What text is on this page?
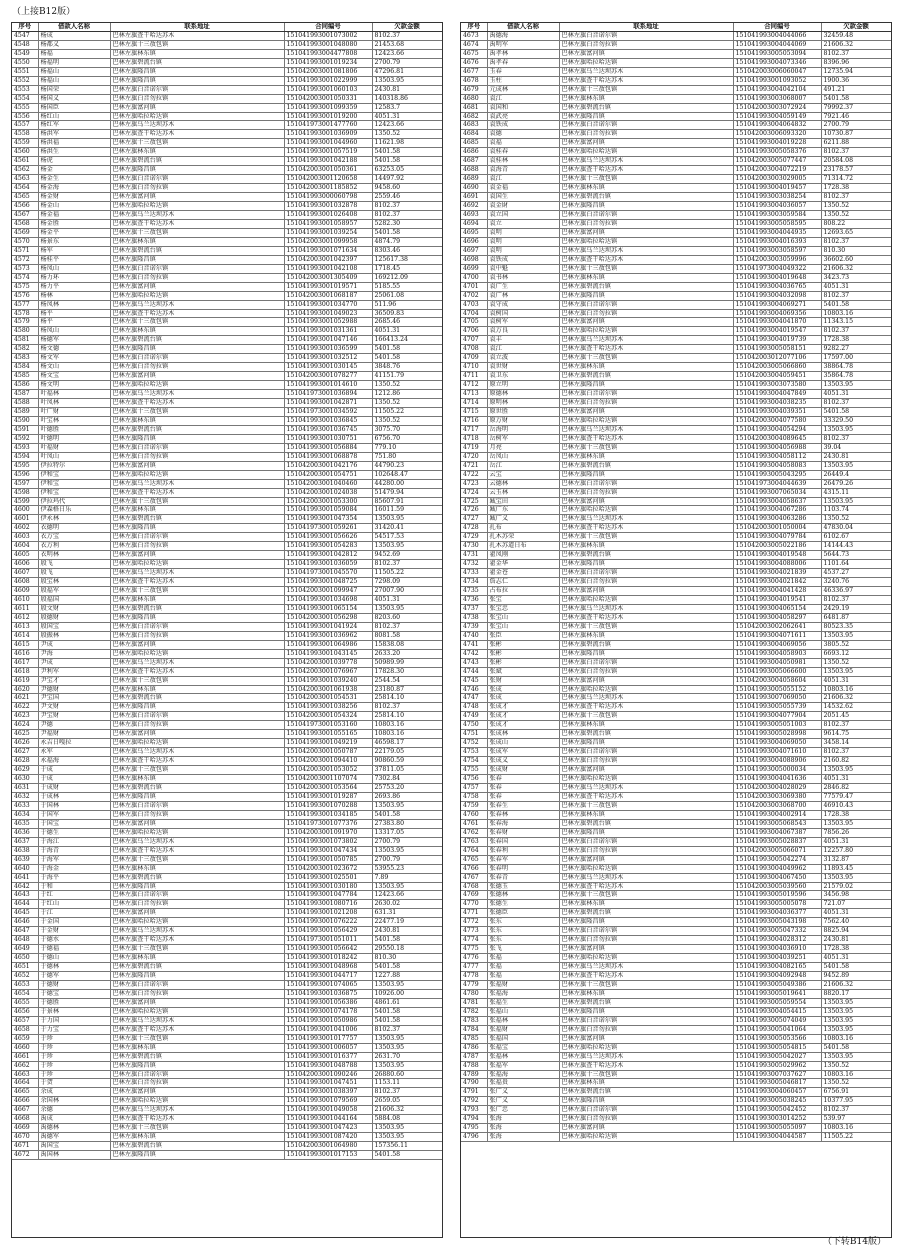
（上接B12版）
序号	借款人名称	联系地址	合同编号	欠款金额
4547	杨成	巴林左旗查干哈达苏木	151041993001073002	8102.37
4548	杨都义	巴林左旗十三敖包镇	151041993001048080	21453.68
4549	杨福	巴林左旗林东镇	151041993004477808	12423.66
4550	杨福明	巴林左旗碧流台镇	151041993001019234	2700.79
4551	杨福山	巴林左旗隆昌镇	151042003001081806	47296.81
4552	杨福山	巴林左旗隆昌镇	151041993001022999	13503.95
4553	杨国荣	巴林左旗白音诺尔镇	151041993001060103	2430.81
4554	杨国义	巴林左旗白音勿拉镇	151042003001050331	140318.86
4555	杨国臣	巴林左旗富河镇	151041993001099359	12583.7
4556	杨红山	巴林左旗哈拉哈达镇	151041993001019200	4051.31
4557	杨红军	巴林左旗乌兰达坝苏木	151041973001477760	12423.66
4558	杨洪军	巴林左旗查干哈达苏木	151041993001036909	1350.52
4559	杨洪福	巴林左旗十三敖包镇	151041993001044960	11621.98
4560	杨洪生	巴林左旗林东镇	151041993001057519	5401.58
4561	杨虎	巴林左旗碧流台镇	151041993001042188	5401.58
4562	杨金	巴林左旗隆昌镇	151042003001050361	63253.05
4563	杨金生	巴林左旗白音诺尔镇	151042003001120658	14497.92
4564	杨金海	巴林左旗白音勿拉镇	151042003001185852	9458.60
4565	杨金财	巴林左旗富河镇	151041993000060798	2559.46
4566	杨金山	巴林左旗哈拉哈达镇	151041993001032878	8102.37
4567	杨金福	巴林左旗乌兰达坝苏木	151041993001026408	8102.37
4568	杨金胜	巴林左旗查干哈达苏木	151041993001058957	5282.30
4569	杨金平	巴林左旗十三敖包镇	151041993001039254	5401.58
4570	杨景东	巴林左旗林东镇	151042003001099958	4874.79
4571	杨军	巴林左旗碧流台镇	151041993001071634	8303.46
4572	杨桂平	巴林左旗隆昌镇	151042003001042397	125617.38
4573	杨凤山	巴林左旗白音诺尔镇	151041993001042108	1718.45
4574	杨力环	巴林左旗白音勿拉镇	151042003001305409	169212.09
4575	杨力平	巴林左旗富河镇	151041993001019571	5185.55
4576	杨林	巴林左旗哈拉哈达镇	151042003001068187	25061.08
4577	杨凤林	巴林左旗乌兰达坝苏木	151041993001034770	511.96
4578	杨平	巴林左旗查干哈达苏木	151041993001049023	36509.83
4579	杨平	巴林左旗十三敖包镇	151041993001052988	2685.46
4580	杨凤山	巴林左旗林东镇	151041993001031361	4051.31
4581	杨德军	巴林左旗碧流台镇	151041993001047146	166413.24
4582	杨文德	巴林左旗隆昌镇	151041993001036599	5401.58
4583	杨文军	巴林左旗白音诺尔镇	151041993001032512	5401.58
4584	杨文山	巴林左旗白音勿拉镇	151041993001030145	3848.76
4585	杨文宝	巴林左旗富河镇	151042003001078277	41151.79
4586	杨文明	巴林左旗哈拉哈达镇	151041993001014610	1350.52
4587	叶福林	巴林左旗乌兰达坝苏木	151041973001036894	1212.86
4588	叶凤林	巴林左旗查干哈达苏木	151041993001042871	1350.52
4589	叶广财	巴林左旗十三敖包镇	151041973001034592	11505.22
4590	叶宝林	巴林左旗林东镇	151041993001036845	1350.52
4591	叶德胜	巴林左旗碧流台镇	151041993001036745	3075.70
4592	叶德明	巴林左旗隆昌镇	151041993001030751	6756.70
4593	叶福财	巴林左旗白音诺尔镇	151041993001056884	779.10
4594	叶凤山	巴林左旗白音勿拉镇	151041993001068878	751.80
4595	伊拉特尔	巴林左旗富河镇	151042003001042176	44790.23
4596	伊和宝	巴林左旗哈拉哈达镇	151042003001054751	102648.47
4597	伊和宝	巴林左旗乌兰达坝苏木	151042003001040460	44280.00
4598	伊和宝	巴林左旗查干哈达苏木	151042003001024038	51479.94
4599	伊拉玛代	巴林左旗十三敖包镇	151042003001053300	85607.91
4600	伊森格日乐	巴林左旗林东镇	151041993001059084	16011.59
4601	伊永林	巴林左旗碧流台镇	151041993001047354	13503.95
4602	衣德明	巴林左旗隆昌镇	151041973001059261	31420.41
4603	衣万宝	巴林左旗白音诺尔镇	151041993001056626	54517.53
4604	衣万利	巴林左旗白音勿拉镇	151041993001054283	13503.95
4605	衣明林	巴林左旗富河镇	151041993001042812	9452.69
4606	殷飞	巴林左旗哈拉哈达镇	151041993001036059	8102.37
4607	殷飞	巴林左旗乌兰达坝苏木	151041973001045570	11505.22
4608	殷宝林	巴林左旗查干哈达苏木	151041993001048725	7298.09
4609	殷福军	巴林左旗十三敖包镇	151042003001099947	27007.90
4610	殷福国	巴林左旗林东镇	151041993001034698	4051.31
4611	殷文财	巴林左旗碧流台镇	151041993001065154	13503.95
4612	殷德财	巴林左旗隆昌镇	151042003001056298	8203.60
4613	殷国宝	巴林左旗白音诺尔镇	151041993001041924	8102.37
4614	殷振林	巴林左旗白音勿拉镇	151041993001036962	8081.58
4615	尹成	巴林左旗富河镇	151041993001064986	15838.08
4616	尹海	巴林左旗哈拉哈达镇	151041993001043145	2633.20
4617	尹成	巴林左旗乌兰达坝苏木	151042003001039778	50989.99
4618	尹利军	巴林左旗查干哈达苏木	151042003001076967	17828.30
4619	尹宝才	巴林左旗十三敖包镇	151041993001039240	2544.54
4620	尹德财	巴林左旗林东镇	151042003001061938	23180.87
4621	尹宝国	巴林左旗碧流台镇	151042003001054531	25814.10
4622	尹文财	巴林左旗隆昌镇	151041993001038256	8102.37
4623	尹宝财	巴林左旗白音诺尔镇	151042003001054324	25814.10
4624	尹德	巴林左旗白音勿拉镇	151041973001053160	10803.16
4625	尹福财	巴林左旗富河镇	151041993001055165	10803.16
4626	永吉日嘎拉	巴林左旗哈拉哈达镇	151041993001049219	46598.17
4627	永军	巴林左旗乌兰达坝苏木	151042003001050787	22179.05
4628	永福海	巴林左旗查干哈达苏木	151042003001094410	90860.59
4629	于成	巴林左旗十三敖包镇	151042003001053052	37811.05
4630	于成	巴林左旗林东镇	151042003001107074	7302.84
4631	于成财	巴林左旗碧流台镇	151042003001053564	25753.20
4632	于成林	巴林左旗隆昌镇	151041993001019287	2693.86
4633	于国林	巴林左旗白音诺尔镇	151041993001070288	13503.95
4634	于国军	巴林左旗白音勿拉镇	151041993001034185	5401.58
4635	于国宝	巴林左旗富河镇	151041973001077376	27383.80
4636	于德生	巴林左旗哈拉哈达镇	151042003001091970	13317.05
4637	于海江	巴林左旗乌兰达坝苏木	151041993001073802	2700.79
4638	于海青	巴林左旗查干哈达苏木	151041993001047434	13503.95
4639	于海军	巴林左旗十三敖包镇	151041993001050785	2700.79
4640	于海金	巴林左旗林东镇	151042003001023672	53955.23
4641	于海平	巴林左旗碧流台镇	151041993001025501	7.89
4642	于和	巴林左旗隆昌镇	151041993001030180	13503.95
4643	于红	巴林左旗白音诺尔镇	151041993001047784	12423.66
4644	于红山	巴林左旗白音勿拉镇	151041993001080716	2630.02
4645	于江	巴林左旗富河镇	151041993001021208	631.31
4646	于金国	巴林左旗哈拉哈达镇	151041993001076222	22477.19
4647	于金财	巴林左旗乌兰达坝苏木	151041993001056429	2430.81
4648	于德水	巴林左旗查干哈达苏木	151041973001051011	5401.58
4649	于德福	巴林左旗十三敖包镇	151041993001056642	29550.18
4650	于德山	巴林左旗林东镇	151041993001018242	810.30
4651	于德林	巴林左旗碧流台镇	151041993001048968	5401.58
4652	于德军	巴林左旗隆昌镇	151041993001044717	1227.88
4653	于德财	巴林左旗白音诺尔镇	151041993001074065	13503.95
4654	于德宝	巴林左旗白音勿拉镇	151041993001036875	10926.00
4655	于德胜	巴林左旗富河镇	151041993001056386	4861.61
4656	于景林	巴林左旗哈拉哈达镇	151041993001074178	5401.58
4657	于力国	巴林左旗乌兰达坝苏木	151041993001050986	5401.58
4658	于力宝	巴林左旗查干哈达苏木	151041993001041006	8102.37
4659	于珍	巴林左旗十三敖包镇	151041993001017757	13503.95
4660	于珍	巴林左旗林东镇	151041993001006057	13503.95
4661	于珍	巴林左旗碧流台镇	151041993001016377	2631.70
4662	于珍	巴林左旗隆昌镇	151041993001048788	13503.95
4663	于珍	巴林左旗白音诺尔镇	151042003001090246	26880.60
4664	于贺	巴林左旗白音勿拉镇	151041993001047451	1153.11
4665	余成	巴林左旗富河镇	151041993001038397	8102.37
4666	余国林	巴林左旗哈拉哈达镇	151041993001079569	2659.05
4667	余德	巴林左旗乌兰达坝苏木	151041993001049058	21606.32
4668	禹成	巴林左旗查干哈达苏木	151041993001044164	5884.08
4669	禹德林	巴林左旗十三敖包镇	151041993001047423	13503.95
4670	禹德军	巴林左旗林东镇	151041993001087420	13503.95
4671	禹国宝	巴林左旗碧流台镇	151042003001064980	157356.11
4672	禹国林	巴林左旗隆昌镇	151041993001017153	5401.58
序号	借款人名称	联系地址	合同编号	欠款金额
4673	禹德海	巴林左旗白音诺尔镇	151041993004044066	32459.48
4674	禹明军	巴林左旗白音勿拉镇	151041993004044069	21606.32
4675	禹孝林	巴林左旗富河镇	151041993005053094	8102.37
4676	禹孝春	巴林左旗哈拉哈达镇	151041993004073346	8396.96
4677	玉春	巴林左旗乌兰达坝苏木	151042003006060047	12735.94
4678	玉柱	巴林左旗查干哈达苏木	151041993001093052	1900.36
4679	元成林	巴林左旗十三敖包镇	151041993004042104	491.21
4680	袁江	巴林左旗林东镇	151041993003068007	5401.58
4681	袁国和	巴林左旗碧流台镇	151042003003072924	79992.37
4682	袁武亮	巴林左旗隆昌镇	151041993004059149	7921.46
4683	袁铁成	巴林左旗白音诺尔镇	151041993004064832	2700.79
4684	袁德	巴林左旗白音勿拉镇	151042003006093320	10730.87
4685	袁福	巴林左旗富河镇	151041993004019228	6211.88
4686	袁桂春	巴林左旗哈拉哈达镇	151041993005058376	8102.37
4687	袁桂林	巴林左旗乌兰达坝苏木	151042003005077447	20584.08
4688	袁海青	巴林左旗查干哈达苏木	151042003004072219	23178.57
4689	袁江	巴林左旗十三敖包镇	151042003003029005	71314.72
4690	袁金福	巴林左旗林东镇	151041993004019457	1728.38
4691	袁国生	巴林左旗碧流台镇	151041993003038254	8102.37
4692	袁金財	巴林左旗隆昌镇	151041993004036057	1350.52
4693	袁立国	巴林左旗白音诺尔镇	151041993003059584	1350.52
4694	袁立	巴林左旗白音勿拉镇	151041993005058595	808.22
4695	袁明	巴林左旗富河镇	151041993004044935	12693.65
4696	袁明	巴林左旗哈拉哈达镇	151041993004016393	8102.37
4697	袁明	巴林左旗乌兰达坝苏木	151041993003058597	810.30
4698	袁铁成	巴林左旗查干哈达苏木	151042003003059996	36602.60
4699	袁中魁	巴林左旗十三敖包镇	151041973004049322	21606.32
4700	袁书林	巴林左旗林东镇	151041993004019648	3423.73
4701	袁广生	巴林左旗碧流台镇	151041993004036765	4051.31
4702	袁广林	巴林左旗隆昌镇	151041993004032098	8102.37
4703	袁守成	巴林左旗白音诺尔镇	151041993004069271	5401.58
4704	袁树国	巴林左旗白音勿拉镇	151041993004069356	10803.16
4705	袁树军	巴林左旗富河镇	151041993004041870	11343.15
4706	袁万良	巴林左旗哈拉哈达镇	151041993004019547	8102.37
4707	袁丰	巴林左旗乌兰达坝苏木	151041993004019739	1728.38
4708	袁江	巴林左旗查干哈达苏木	151041993005058151	9282.27
4709	袁立波	巴林左旗十三敖包镇	151042003012077106	17597.00
4710	袁世财	巴林左旗林东镇	151042003005066860	38864.78
4711	袁卫东	巴林左旗碧流台镇	151042003004059451	35864.78
4712	原立明	巴林左旗隆昌镇	151041993003073580	13503.95
4713	原德林	巴林左旗白音诺尔镇	151041993004047849	4051.31
4714	原明林	巴林左旗白音勿拉镇	151041993004038235	8102.37
4715	原世胜	巴林左旗富河镇	151041993004039351	5401.58
4716	原万财	巴林左旗哈拉哈达镇	151042003004077580	33329.50
4717	岳海明	巴林左旗乌兰达坝苏木	151041993004054294	13503.95
4718	岳树军	巴林左旗查干哈达苏木	151042003004089645	8102.37
4719	月亮	巴林左旗十三敖包镇	151041993004056988	39.04
4720	岳凤山	巴林左旗林东镇	151041993004058112	2430.81
4721	岳江	巴林左旗碧流台镇	151041993004058083	13503.95
4722	云宝	巴林左旗隆昌镇	151041993005043295	26449.4
4723	云德林	巴林左旗白音诺尔镇	151041973004044639	26479.26
4724	云玉林	巴林左旗白音勿拉镇	151041993007065034	4315.11
4725	臧宝田	巴林左旗富河镇	151041993004058637	13503.95
4726	臧广东	巴林左旗哈拉哈达镇	151041993004067286	1103.74
4727	臧广义	巴林左旗乌兰达坝苏木	151041993004063286	1350.52
4728	扎布	巴林左旗查干哈达苏木	151042003001050004	47830.04
4729	扎木苏荣	巴林左旗十三敖包镇	151041993004079784	6102.67
4730	扎木苏道日布	巴林左旗林东镇	151042003005022186	14144.43
4731	翟凤刚	巴林左旗碧流台镇	151041993004019548	5644.73
4732	翟金华	巴林左旗隆昌镇	151041993004088006	1101.64
4733	翟金苍	巴林左旗白音诺尔镇	151041993004021839	4537.27
4734	詹志仁	巴林左旗白音勿拉镇	151041993004021842	3240.76
4735	占布拉	巴林左旗富河镇	151041993004041428	46336.97
4736	张宝	巴林左旗哈拉哈达镇	151041993004019541	8102.37
4737	张宝忠	巴林左旗乌兰达坝苏木	151041993004065154	2429.19
4738	张宝山	巴林左旗查干哈达苏木	151041993004058297	6481.87
4739	张宝山	巴林左旗十三敖包镇	151042003002062641	80523.35
4740	张臣	巴林左旗林东镇	151041993004071611	13503.95
4741	张彬	巴林左旗碧流台镇	151041993004069056	3805.52
4742	张彬	巴林左旗隆昌镇	151041993004058903	6693.12
4743	张彬	巴林左旗白音诺尔镇	151041993004050981	1350.52
4744	张斌	巴林左旗白音勿拉镇	151041993005066600	13503.95
4745	张财	巴林左旗富河镇	151042003004058604	4051.31
4746	张成	巴林左旗哈拉哈达镇	151041993005055152	10803.16
4747	张成	巴林左旗乌兰达坝苏木	151041993007069050	21606.32
4748	张成才	巴林左旗查干哈达苏木	151041993005055739	14532.62
4749	张成才	巴林左旗十三敖包镇	151041993004077904	2051.45
4750	张成才	巴林左旗林东镇	151041993005051003	8102.37
4751	张成林	巴林左旗碧流台镇	151041993005028998	9614.75
4752	张成山	巴林左旗隆昌镇	151041993004069050	3458.14
4753	张成军	巴林左旗白音诺尔镇	151041993004071610	8102.37
4754	张成义	巴林左旗白音勿拉镇	151041993004088906	2160.82
4755	张成财	巴林左旗富河镇	151041993005000034	13503.95
4756	张春	巴林左旗哈拉哈达镇	151041993004041636	4051.31
4757	张春	巴林左旗乌兰达坝苏木	151042003004028029	2846.82
4758	张春	巴林左旗查干哈达苏木	151042003003069380	77579.47
4759	张春生	巴林左旗十三敖包镇	151042003003068700	46910.43
4760	张春林	巴林左旗林东镇	151041993004002914	1728.38
4761	张春海	巴林左旗碧流台镇	151041993005068543	13503.95
4762	张春财	巴林左旗隆昌镇	151041993004067387	7856.26
4763	张春国	巴林左旗白音诺尔镇	151041993005028837	4051.31
4764	张春利	巴林左旗白音勿拉镇	151042003005066071	12257.80
4765	张春军	巴林左旗富河镇	151041993005042274	3132.87
4766	张春明	巴林左旗哈拉哈达镇	151041993004049962	11893.45
4767	张春青	巴林左旗乌兰达坝苏木	151041993004067450	13503.95
4768	张德玉	巴林左旗查干哈达苏木	151042003005039560	21579.02
4769	张德林	巴林左旗十三敖包镇	151041993005019596	3456.98
4770	张德生	巴林左旗林东镇	151041993005005078	721.07
4771	张德臣	巴林左旗碧流台镇	151041993004036377	4051.31
4772	张东	巴林左旗隆昌镇	151041993005043198	7562.40
4773	张东	巴林左旗白音诺尔镇	151041993005047332	8825.94
4774	张东	巴林左旗白音勿拉镇	151041993004028312	2430.81
4775	张飞	巴林左旗富河镇	151041993004036910	1728.38
4776	张福	巴林左旗哈拉哈达镇	151041993004039251	4051.31
4777	张福	巴林左旗乌兰达坝苏木	151041993004082165	5401.58
4778	张福	巴林左旗查干哈达苏木	151041993004092948	9452.89
4779	张福财	巴林左旗十三敖包镇	151041993005049386	21606.32
4780	张福海	巴林左旗林东镇	151041993005019641	8820.17
4781	张福生	巴林左旗碧流台镇	151041993005059554	13503.95
4782	张福山	巴林左旗隆昌镇	151041993004054415	13503.95
4783	张福林	巴林左旗白音诺尔镇	151041993005074049	13503.95
4784	张福财	巴林左旗白音勿拉镇	151041993005041064	13503.95
4785	张福国	巴林左旗富河镇	151041993005053566	10803.16
4786	张福宝	巴林左旗哈拉哈达镇	151041993005054815	5401.58
4787	张福林	巴林左旗乌兰达坝苏木	151041993005042027	13503.95
4788	张福军	巴林左旗查干哈达苏木	151041993005029962	1350.52
4789	张福海	巴林左旗十三敖包镇	151041993007037627	10803.16
4790	张福贵	巴林左旗林东镇	151041993005046817	1350.52
4791	张广义	巴林左旗碧流台镇	151041993004060457	6756.91
4792	张广义	巴林左旗隆昌镇	151041993005038245	10377.95
4793	张广忠	巴林左旗白音诺尔镇	151041993005042452	8102.37
4794	张海	巴林左旗白音勿拉镇	151041993003014252	539.97
4795	张海	巴林左旗富河镇	151041993005055097	10803.16
4796	张海	巴林左旗哈拉哈达镇	151041993004044587	11505.22
（下转B14版）
